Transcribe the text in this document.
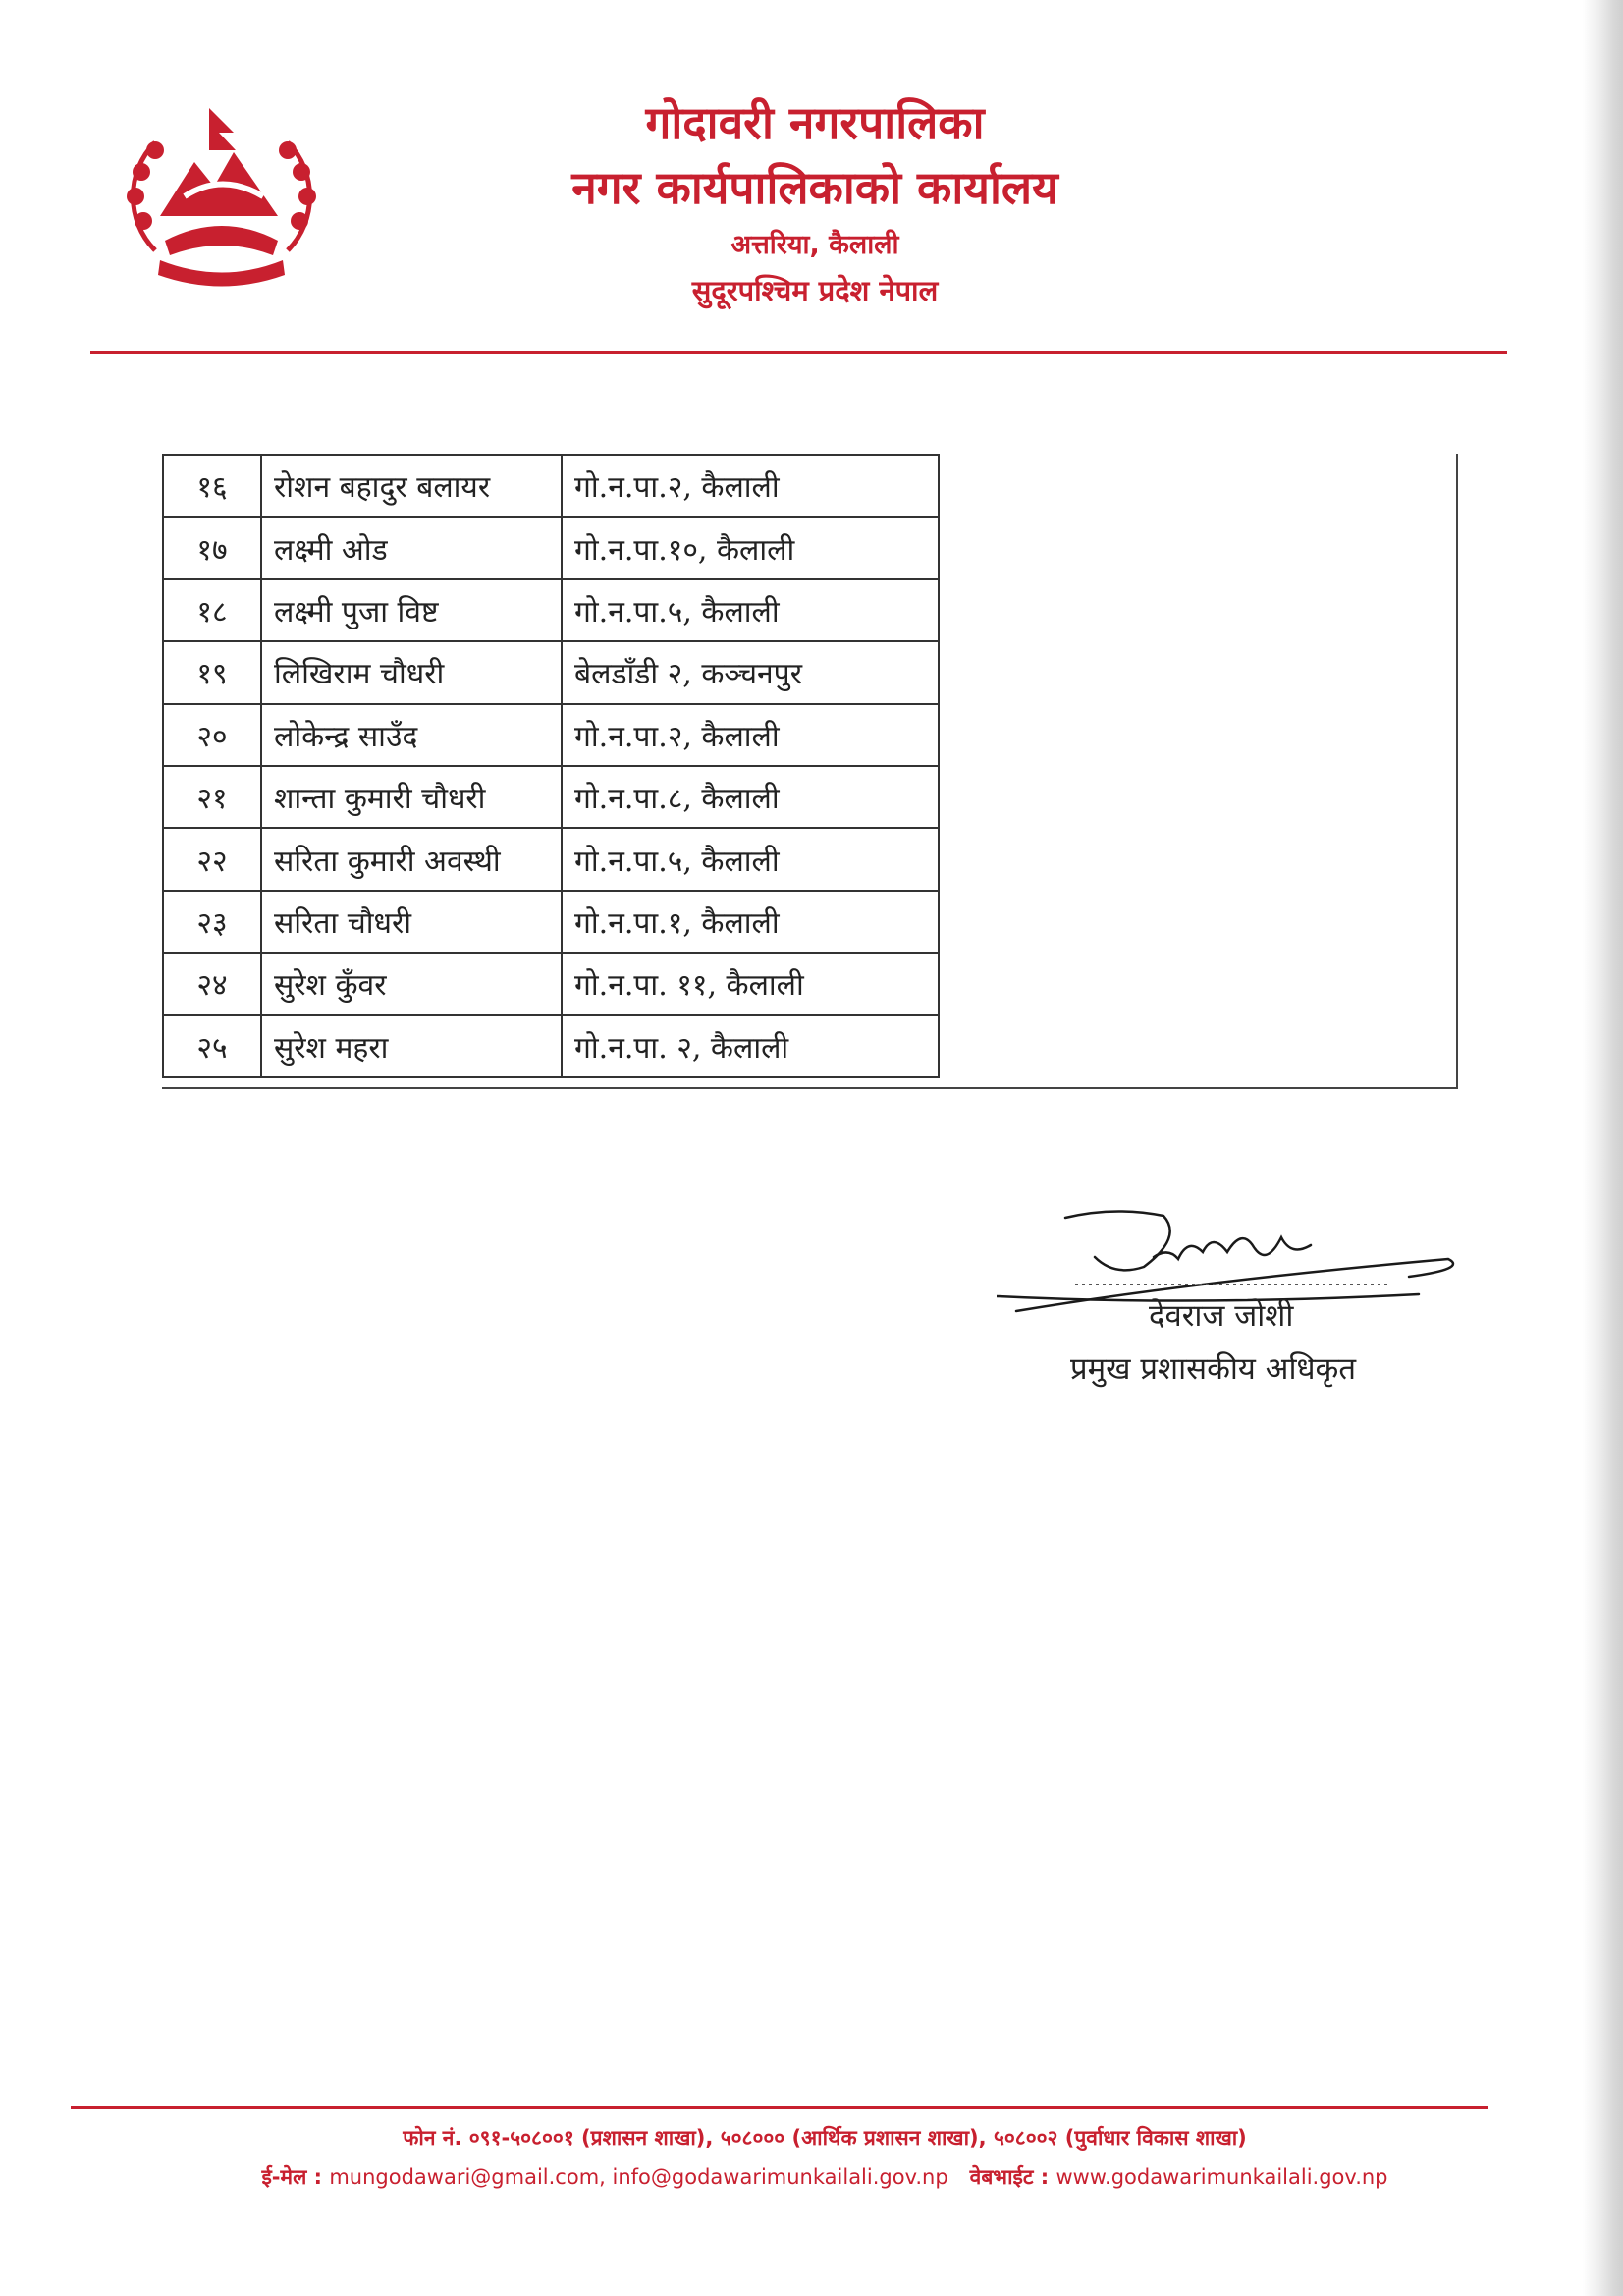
गोदावरी नगरपालिका
नगर कार्यपालिकाको कार्यालय
अत्तरिया, कैलाली
सुदूरपश्चिम प्रदेश नेपाल
१६	रोशन बहादुर बलायर	गो.न.पा.२, कैलाली
१७	लक्ष्मी ओड	गो.न.पा.१०, कैलाली
१८	लक्ष्मी पुजा विष्ट	गो.न.पा.५, कैलाली
१९	लिखिराम चौधरी	बेलडाँडी २, कञ्चनपुर
२०	लोकेन्द्र साउँद	गो.न.पा.२, कैलाली
२१	शान्ता कुमारी चौधरी	गो.न.पा.८, कैलाली
२२	सरिता कुमारी अवस्थी	गो.न.पा.५, कैलाली
२३	सरिता चौधरी	गो.न.पा.१, कैलाली
२४	सुरेश कुँवर	गो.न.पा. ११, कैलाली
२५	सुरेश महरा	गो.न.पा. २, कैलाली
देवराज जोशी
प्रमुख प्रशासकीय अधिकृत
फोन नं. ०९१-५०८००१ (प्रशासन शाखा), ५०८००० (आर्थिक प्रशासन शाखा), ५०८००२ (पुर्वाधार विकास शाखा)
ई-मेल : mungodawari@gmail.com, info@godawarimunkailali.gov.np वेबभाईट : www.godawarimunkailali.gov.np
